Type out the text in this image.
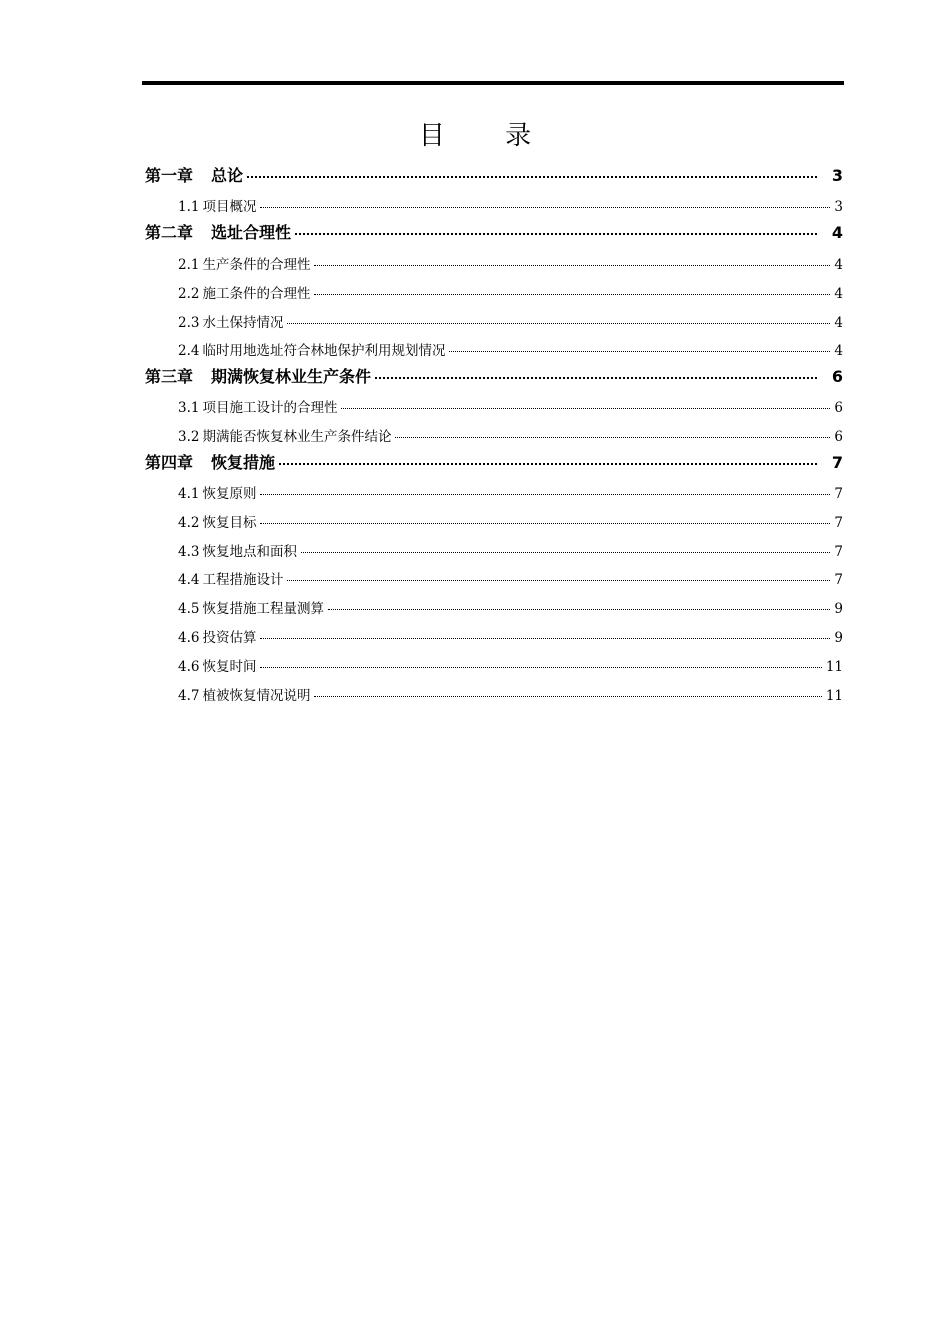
目 录
第一章 总论	3
1.1 项目概况	3
第二章 选址合理性	4
2.1 生产条件的合理性	4
2.2 施工条件的合理性	4
2.3 水土保持情况	4
2.4 临时用地选址符合林地保护利用规划情况	4
第三章 期满恢复林业生产条件	6
3.1 项目施工设计的合理性	6
3.2 期满能否恢复林业生产条件结论	6
第四章 恢复措施	7
4.1 恢复原则	7
4.2 恢复目标	7
4.3 恢复地点和面积	7
4.4 工程措施设计	7
4.5 恢复措施工程量测算	9
4.6 投资估算	9
4.6 恢复时间	11
4.7 植被恢复情况说明	11
